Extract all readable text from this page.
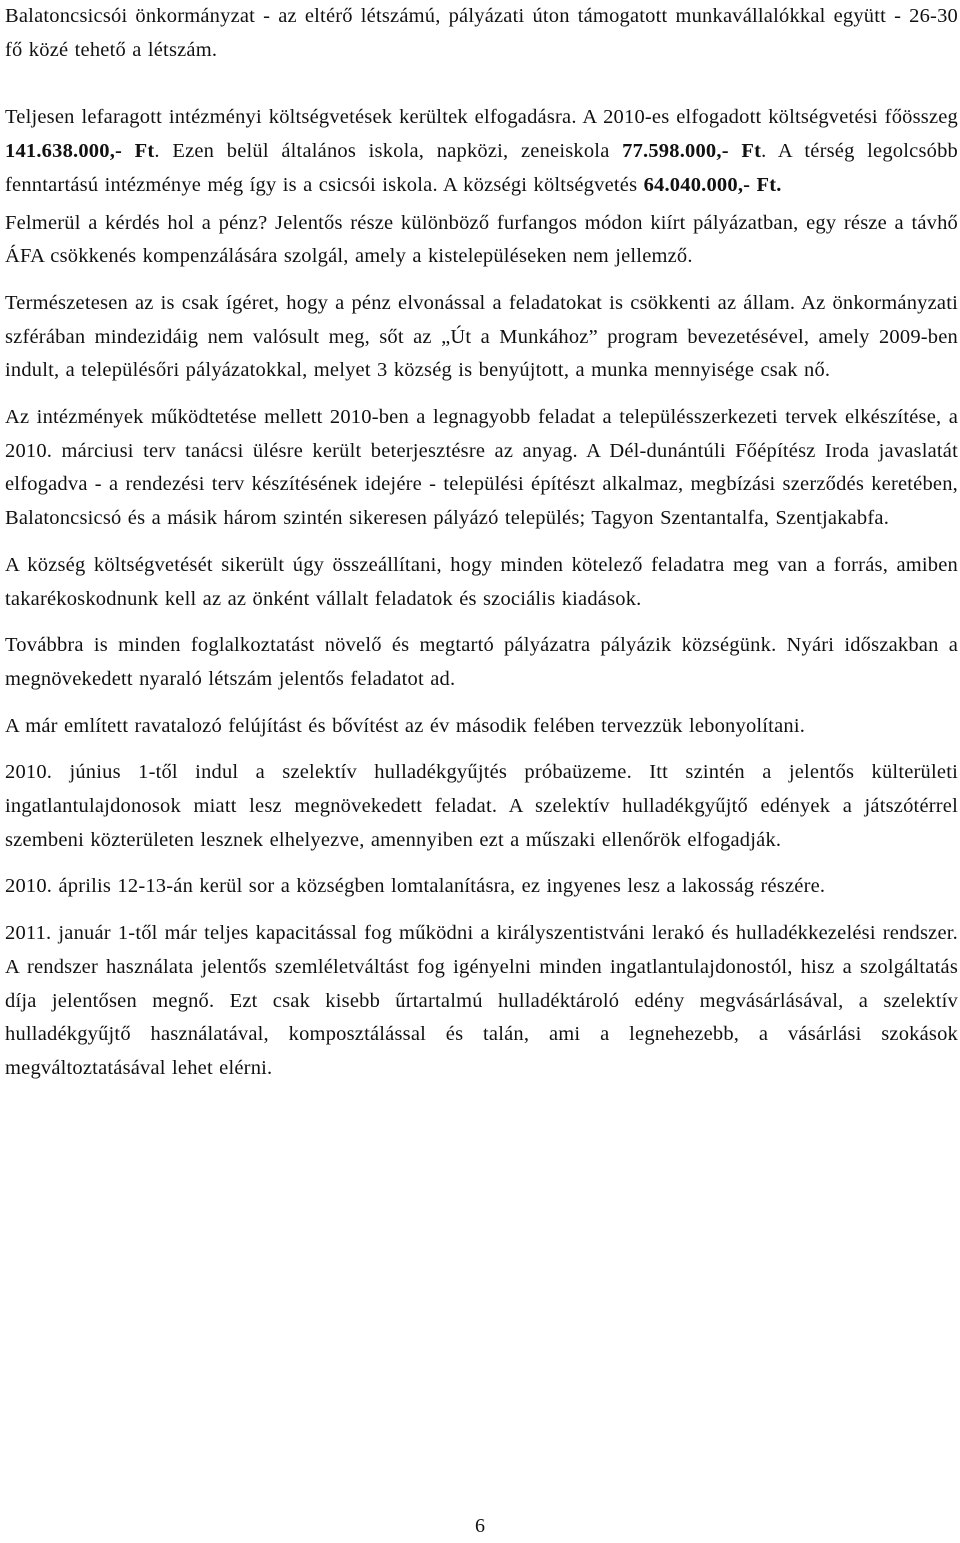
Balatoncsicsói önkormányzat - az eltérő létszámú, pályázati úton támogatott munkavállalókkal együtt - 26-30 fő közé tehető a létszám.

Teljesen lefaragott intézményi költségvetések kerültek elfogadásra. A 2010-es elfogadott költségvetési főösszeg 141.638.000,- Ft. Ezen belül általános iskola, napközi, zeneiskola 77.598.000,- Ft. A térség legolcsóbb fenntartású intézménye még így is a csicsói iskola. A községi költségvetés 64.040.000,- Ft.

Felmerül a kérdés hol a pénz? Jelentős része különböző furfangos módon kiírt pályázatban, egy része a távhő ÁFA csökkenés kompenzálására szolgál, amely a kistelepüléseken nem jellemző.

Természetesen az is csak ígéret, hogy a pénz elvonással a feladatokat is csökkenti az állam. Az önkormányzati szférában mindezidáig nem valósult meg, sőt az „Út a Munkához” program bevezetésével, amely 2009-ben indult, a településőri pályázatokkal, melyet 3 község is benyújtott, a munka mennyisége csak nő.

Az intézmények működtetése mellett 2010-ben a legnagyobb feladat a településszerkezeti tervek elkészítése, a 2010. márciusi terv tanácsi ülésre került beterjesztésre az anyag. A Dél-dunántúli Főépítész Iroda javaslatát elfogadva - a rendezési terv készítésének idejére - települési építészt alkalmaz, megbízási szerződés keretében, Balatoncsicsó és a másik három szintén sikeresen pályázó település; Tagyon Szentantalfa, Szentjakabfa.

A község költségvetését sikerült úgy összeállítani, hogy minden kötelező feladatra meg van a forrás, amiben takarékoskodnunk kell az az önként vállalt feladatok és szociális kiadások.

Továbbra is minden foglalkoztatást növelő és megtartó pályázatra pályázik községünk. Nyári időszakban a megnövekedett nyaraló létszám jelentős feladatot ad.

A már említett ravatalozó felújítást és bővítést az év második felében tervezzük lebonyolítani.

2010. június 1-től indul a szelektív hulladékgyűjtés próbaüzeme. Itt szintén a jelentős külterületi ingatlantulajdonosok miatt lesz megnövekedett feladat. A szelektív hulladékgyűjtő edények a játszótérrel szembeni közterületen lesznek elhelyezve, amennyiben ezt a műszaki ellenőrök elfogadják.

2010. április 12-13-án kerül sor a községben lomtalanításra, ez ingyenes lesz a lakosság részére.

2011. január 1-től már teljes kapacitással fog működni a királyszentistváni lerakó és hulladékkezelési rendszer. A rendszer használata jelentős szemléletváltást fog igényelni minden ingatlantulajdonostól, hisz a szolgáltatás díja jelentősen megnő. Ezt csak kisebb űrtartalmú hulladéktároló edény megvásárlásával, a szelektív hulladékgyűjtő használatával, komposztálással és talán, ami a legnehezebb, a vásárlási szokások megváltoztatásával lehet elérni.

6
